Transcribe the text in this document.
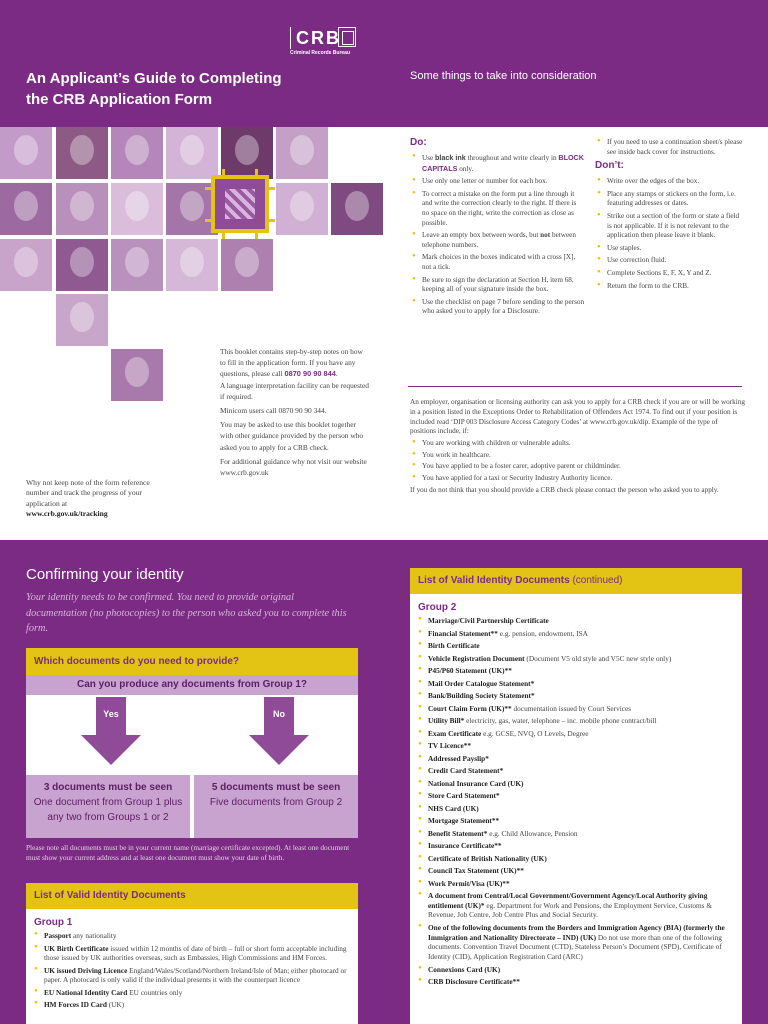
CRB
Criminal Records Bureau
An Applicant’s Guide to Completing
the CRB Application Form
Some things to take into consideration

This booklet contains step-by-step notes on how to fill in the application form. If you have any questions, please call 0870 90 90 844.
A language interpretation facility can be requested if required.

Minicom users call 0870 90 90 344.

You may be asked to use this booklet together with other guidance provided by the person who asked you to apply for a CRB check.

For additional guidance why not visit our website www.crb.gov.uk

Why not keep note of the form reference number and track the progress of your application at
www.crb.gov.uk/tracking
Do:
• Use black ink throughout and write clearly in BLOCK CAPITALS only.
• Use only one letter or number for each box.
• To correct a mistake on the form put a line through it and write the correction clearly to the right. If there is no space on the right, write the correction as close as possible.
• Leave an empty box between words, but not between telephone numbers.
• Mark choices in the boxes indicated with a cross [X], not a tick.
• Be sure to sign the declaration at Section H, item 68, keeping all of your signature inside the box.
• Use the checklist on page 7 before sending to the person who asked you to apply for a Disclosure.
• If you need to use a continuation sheet/s please see inside back cover for instructions.
Don’t:
• Write over the edges of the box.
• Place any stamps or stickers on the form, i.e. featuring addresses or dates.
• Strike out a section of the form or state a field is not applicable. If it is not relevant to the application then please leave it blank.
• Use staples.
• Use correction fluid.
• Complete Sections E, F, X, Y and Z.
• Return the form to the CRB.
An employer, organisation or licensing authority can ask you to apply for a CRB check if you are or will be working in a position listed in the Exceptions Order to Rehabilitation of Offenders Act 1974. To find out if your position is included read ‘DIP 003 Disclosure Access Category Codes’ at www.crb.gov.uk/dip. Example of the type of positions include, if:
• You are working with children or vulnerable adults.
• You work in healthcare.
• You have applied to be a foster carer, adoptive parent or childminder.
• You have applied for a taxi or Security Industry Authority licence.
If you do not think that you should provide a CRB check please contact the person who asked you to apply.
Confirming your identity
Your identity needs to be confirmed. You need to provide original documentation (no photocopies) to the person who asked you to complete this form.
Which documents do you need to provide?
Can you produce any documents from Group 1?
Yes
3 documents must be seen
One document from Group 1 plus any two from Groups 1 or 2
No
5 documents must be seen
Five documents from Group 2
Please note all documents must be in your current name (marriage certificate excepted). At least one document must show your current address and at least one document must show your date of birth.
List of Valid Identity Documents
Group 1
• Passport any nationality
• UK Birth Certificate issued within 12 months of date of birth – full or short form acceptable including those issued by UK authorities overseas, such as Embassies, High Commissions and HM Forces.
• UK issued Driving Licence England/Wales/Scotland/Northern Ireland/Isle of Man; either photocard or paper. A photocard is only valid if the individual presents it with the counterpart licence
• EU National Identity Card EU countries only
• HM Forces ID Card (UK)
List of Valid Identity Documents (continued)
Group 2
• Marriage/Civil Partnership Certificate
• Financial Statement** e.g. pension, endowment, ISA
• Birth Certificate
• Vehicle Registration Document (Document V5 old style and V5C new style only)
• P45/P60 Statement (UK)**
• Mail Order Catalogue Statement*
• Bank/Building Society Statement*
• Court Claim Form (UK)** documentation issued by Court Services
• Utility Bill* electricity, gas, water, telephone – inc. mobile phone contract/bill
• Exam Certificate e.g. GCSE, NVQ, O Levels, Degree
• TV Licence**
• Addressed Payslip*
• Credit Card Statement*
• National Insurance Card (UK)
• Store Card Statement*
• NHS Card (UK)
• Mortgage Statement**
• Benefit Statement* e.g. Child Allowance, Pension
• Insurance Certificate**
• Certificate of British Nationality (UK)
• Council Tax Statement (UK)**
• Work Permit/Visa (UK)**
• A document from Central/Local Government/Government Agency/Local Authority giving entitlement (UK)* eg. Department for Work and Pensions, the Employment Service, Customs & Revenue, Job Centre, Job Centre Plus and Social Security.
• One of the following documents from the Borders and Immigration Agency (BIA) (formerly the Immigration and Nationality Directorate – IND) (UK) Do not use more than one of the following documents. Convention Travel Document (CTD), Stateless Person’s Document (SPD), Certificate of Identity (CID), Application Registration Card (ARC)
• Connexions Card (UK)
• CRB Disclosure Certificate**
